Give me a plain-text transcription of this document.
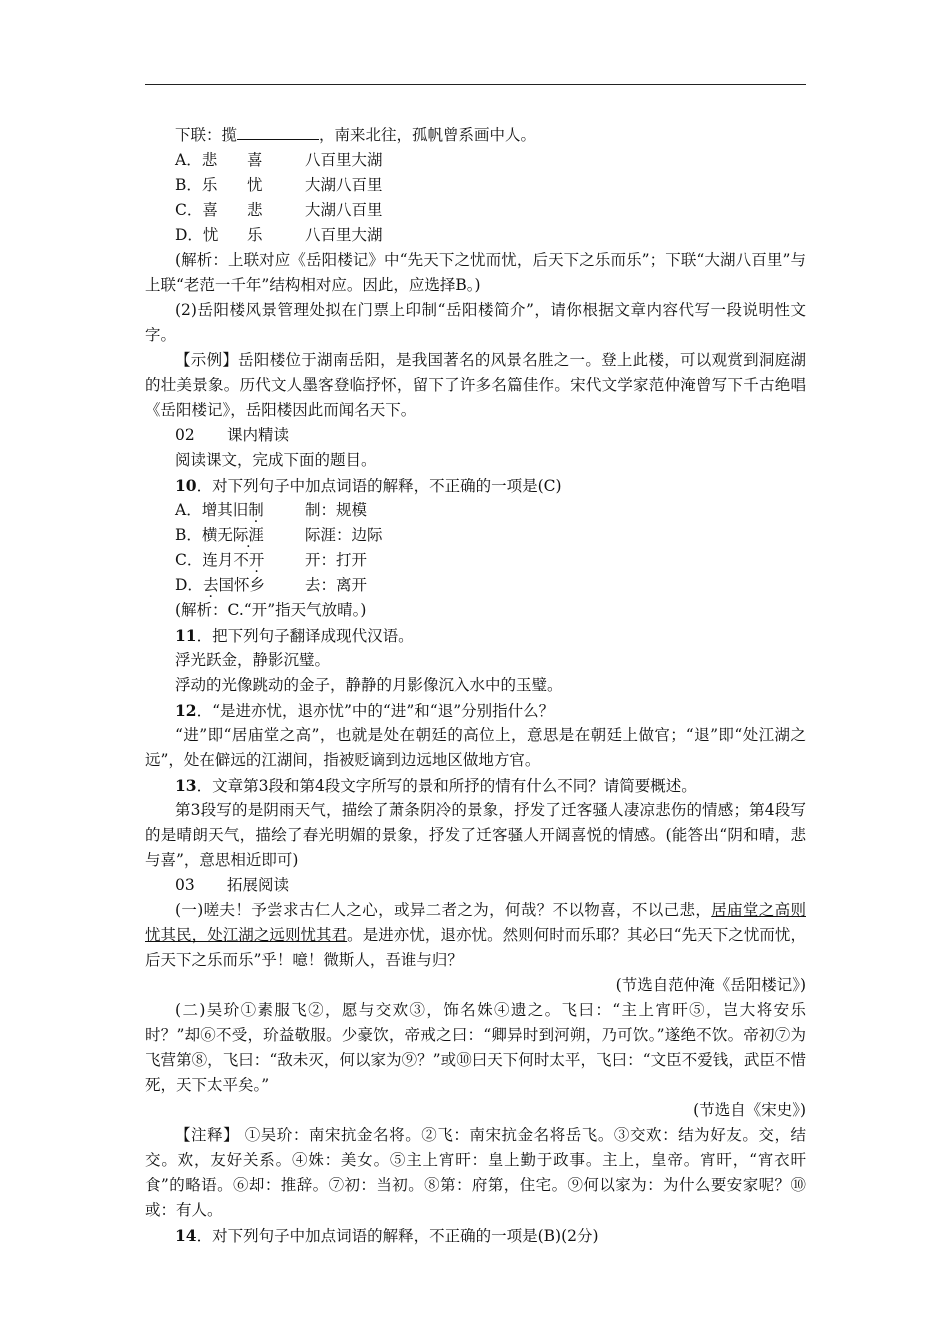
下联：揽	，南来北往，孤帆曾系画中人。
A．悲 喜	八百里大湖
B．乐 忧	大湖八百里
C．喜 悲	大湖八百里
D．忧 乐	八百里大湖
(解析：上联对应《岳阳楼记》中“先天下之忧而忧，后天下之乐而乐”；下联“大湖八百里”与上联“老范一千年”结构相对应。因此，应选择B。)
(2)岳阳楼风景管理处拟在门票上印制“岳阳楼简介”，请你根据文章内容代写一段说明性文字。
【示例】岳阳楼位于湖南岳阳，是我国著名的风景名胜之一。登上此楼，可以观赏到洞庭湖的壮美景象。历代文人墨客登临抒怀，留下了许多名篇佳作。宋代文学家范仲淹曾写下千古绝唱《岳阳楼记》，岳阳楼因此而闻名天下。
02 课内精读
阅读课文，完成下面的题目。
10．对下列句子中加点词语的解释，不正确的一项是(C)
A．增其旧制	制：规模
B．横无际涯	际涯：边际
C．连月不开	开：打开
D．去国怀乡	去：离开
(解析：C.“开”指天气放晴。)
11．把下列句子翻译成现代汉语。
浮光跃金，静影沉璧。
浮动的光像跳动的金子，静静的月影像沉入水中的玉璧。
12．“是进亦忧，退亦忧”中的“进”和“退”分别指什么？
“进”即“居庙堂之高”，也就是处在朝廷的高位上，意思是在朝廷上做官；“退”即“处江湖之远”，处在僻远的江湖间，指被贬谪到边远地区做地方官。
13．文章第3段和第4段文字所写的景和所抒的情有什么不同？请简要概述。
第3段写的是阴雨天气，描绘了萧条阴冷的景象，抒发了迁客骚人凄凉悲伤的情感；第4段写的是晴朗天气，描绘了春光明媚的景象，抒发了迁客骚人开阔喜悦的情感。(能答出“阴和晴，悲与喜”，意思相近即可)
03 拓展阅读
(一)嗟夫！予尝求古仁人之心，或异二者之为，何哉？不以物喜，不以己悲，居庙堂之高则忧其民，处江湖之远则忧其君。是进亦忧，退亦忧。然则何时而乐耶？其必曰“先天下之忧而忧，后天下之乐而乐”乎！噫！微斯人，吾谁与归？
(节选自范仲淹《岳阳楼记》)
(二)吴玠①素服飞②，愿与交欢③，饰名姝④遗之。飞曰：“主上宵旰⑤，岂大将安乐时？”却⑥不受，玠益敬服。少豪饮，帝戒之曰：“卿异时到河朔，乃可饮。”遂绝不饮。帝初⑦为飞营第⑧，飞曰：“敌未灭，何以家为⑨？”或⑩曰天下何时太平，飞曰：“文臣不爱钱，武臣不惜死，天下太平矣。”
(节选自《宋史》)
【注释】 ①吴玠：南宋抗金名将。②飞：南宋抗金名将岳飞。③交欢：结为好友。交，结交。欢，友好关系。④姝：美女。⑤主上宵旰：皇上勤于政事。主上，皇帝。宵旰，“宵衣旰食”的略语。⑥却：推辞。⑦初：当初。⑧第：府第，住宅。⑨何以家为：为什么要安家呢？⑩或：有人。
14．对下列句子中加点词语的解释，不正确的一项是(B)(2分)
